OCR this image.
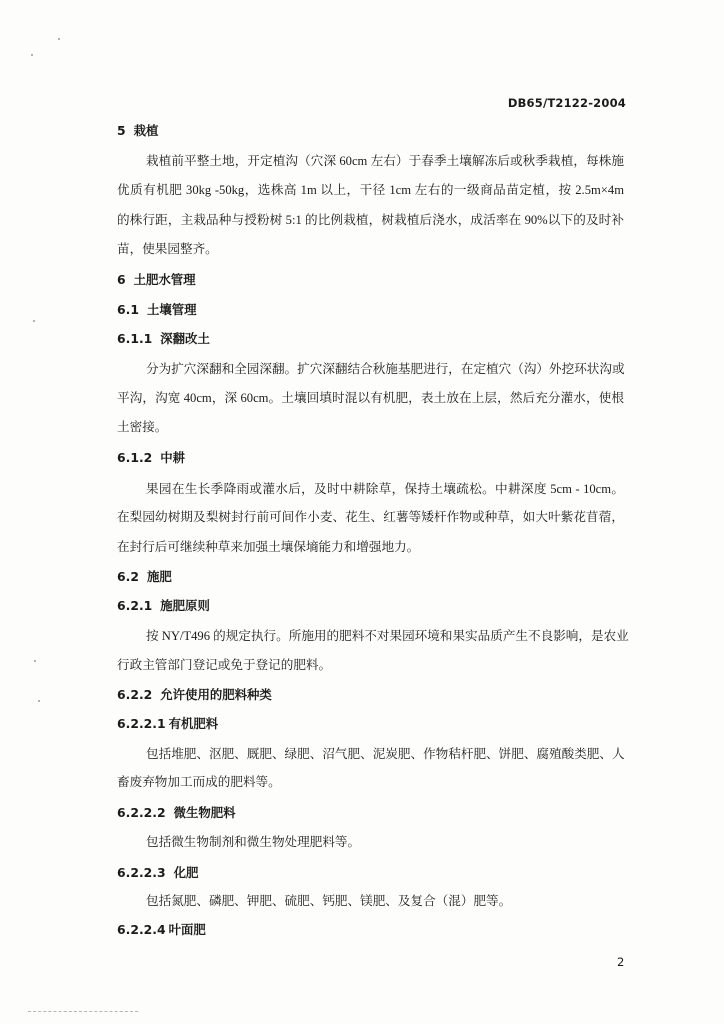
DB65/T2122-2004
5 栽植
栽植前平整土地，开定植沟（穴深 60cm 左右）于春季土壤解冻后或秋季栽植，每株施
优质有机肥 30kg -50kg，选株高 1m 以上，干径 1cm 左右的一级商品苗定植，按 2.5m×4m
的株行距，主栽品种与授粉树 5:1 的比例栽植，树栽植后浇水，成活率在 90%以下的及时补
苗，使果园整齐。
6 土肥水管理
6.1 土壤管理
6.1.1 深翻改土
分为扩穴深翻和全园深翻。扩穴深翻结合秋施基肥进行，在定植穴（沟）外挖环状沟或
平沟，沟宽 40cm，深 60cm。土壤回填时混以有机肥，表土放在上层，然后充分灌水，使根
土密接。
6.1.2 中耕
果园在生长季降雨或灌水后，及时中耕除草，保持土壤疏松。中耕深度 5cm - 10cm。
在梨园幼树期及梨树封行前可间作小麦、花生、红薯等矮杆作物或种草，如大叶紫花苜蓿，
在封行后可继续种草来加强土壤保墒能力和增强地力。
6.2 施肥
6.2.1 施肥原则
按 NY/T496 的规定执行。所施用的肥料不对果园环境和果实品质产生不良影响，是农业
行政主管部门登记或免于登记的肥料。
6.2.2 允许使用的肥料种类
6.2.2.1 有机肥料
包括堆肥、沤肥、厩肥、绿肥、沼气肥、泥炭肥、作物秸杆肥、饼肥、腐殖酸类肥、人
畜废弃物加工而成的肥料等。
6.2.2.2 微生物肥料
包括微生物制剂和微生物处理肥料等。
6.2.2.3 化肥
包括氮肥、磷肥、钾肥、硫肥、钙肥、镁肥、及复合（混）肥等。
6.2.2.4 叶面肥
2
